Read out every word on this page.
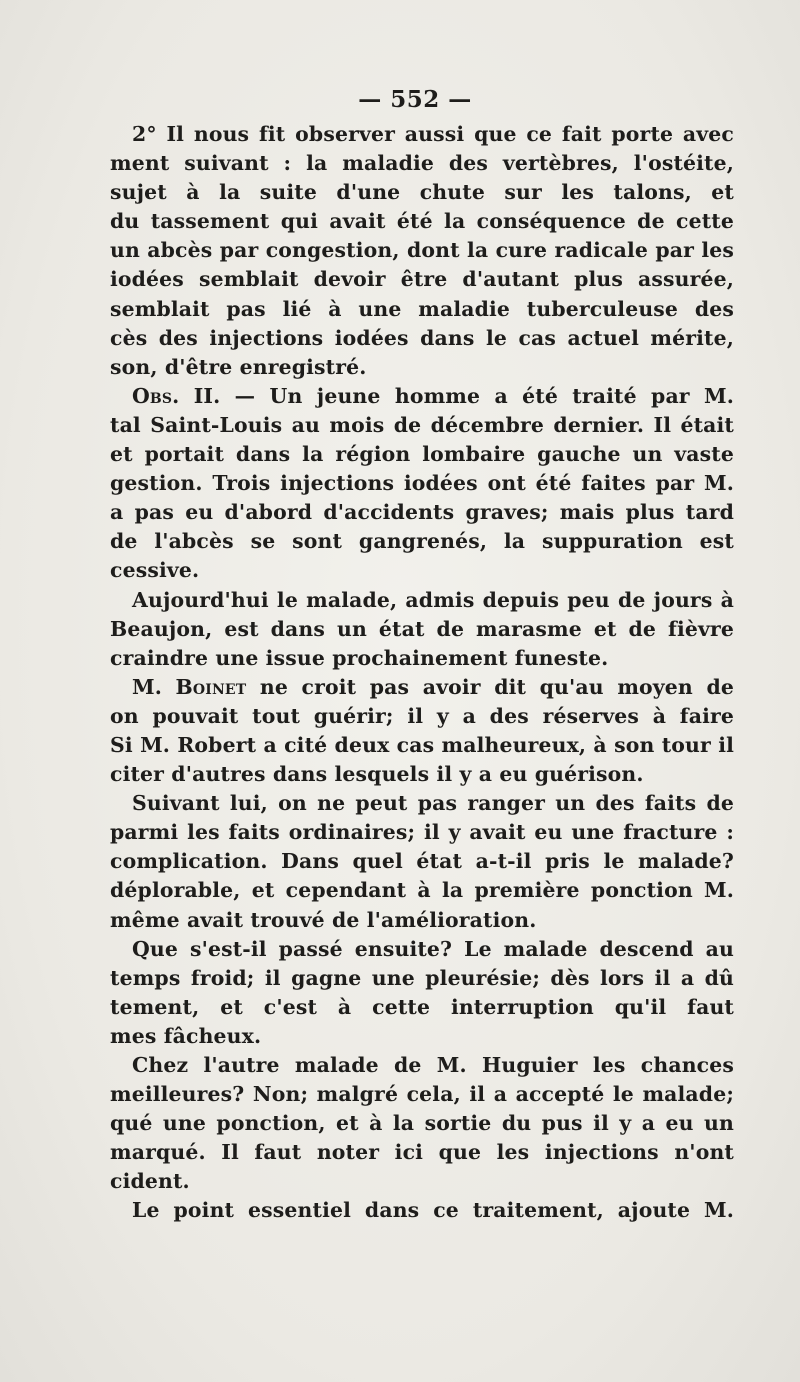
— 552 —
2° Il nous fit observer aussi que ce fait porte avec
ment suivant : la maladie des vertèbres, l'ostéite,
sujet à la suite d'une chute sur les talons, et
du tassement qui avait été la conséquence de cette
un abcès par congestion, dont la cure radicale par les
iodées semblait devoir être d'autant plus assurée,
semblait pas lié à une maladie tuberculeuse des
cès des injections iodées dans le cas actuel mérite,
son, d'être enregistré.
Obs. II. — Un jeune homme a été traité par M.
tal Saint-Louis au mois de décembre dernier. Il était
et portait dans la région lombaire gauche un vaste
gestion. Trois injections iodées ont été faites par M.
a pas eu d'abord d'accidents graves; mais plus tard
de l'abcès se sont gangrenés, la suppuration est
cessive.
Aujourd'hui le malade, admis depuis peu de jours à
Beaujon, est dans un état de marasme et de fièvre
craindre une issue prochainement funeste.
M. Boinet ne croit pas avoir dit qu'au moyen de
on pouvait tout guérir; il y a des réserves à faire
Si M. Robert a cité deux cas malheureux, à son tour il
citer d'autres dans lesquels il y a eu guérison.
Suivant lui, on ne peut pas ranger un des faits de
parmi les faits ordinaires; il y avait eu une fracture :
complication. Dans quel état a-t-il pris le malade?
déplorable, et cependant à la première ponction M.
même avait trouvé de l'amélioration.
Que s'est-il passé ensuite? Le malade descend au
temps froid; il gagne une pleurésie; dès lors il a dû
tement, et c'est à cette interruption qu'il faut
mes fâcheux.
Chez l'autre malade de M. Huguier les chances
meilleures? Non; malgré cela, il a accepté le malade;
qué une ponction, et à la sortie du pus il y a eu un
marqué. Il faut noter ici que les injections n'ont
cident.
Le point essentiel dans ce traitement, ajoute M.
